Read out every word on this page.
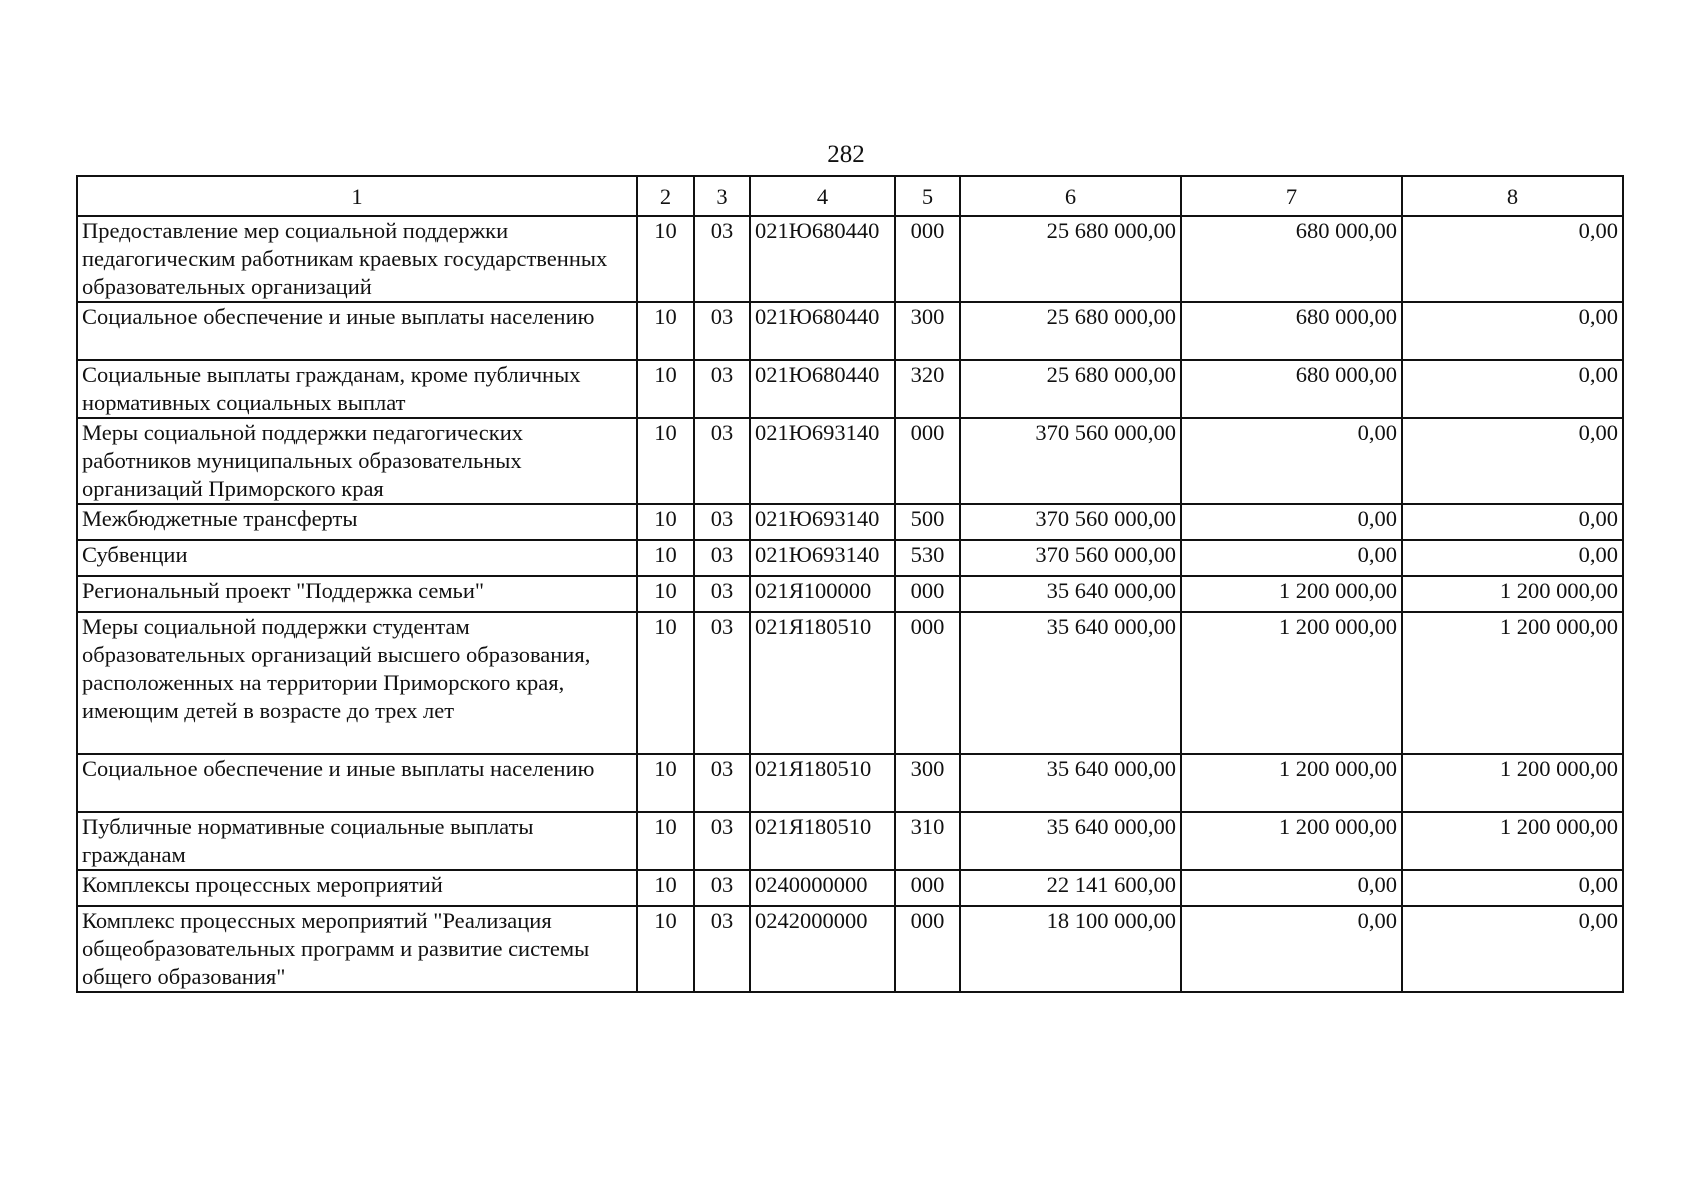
282
1	2	3	4	5	6	7	8
Предоставление мер социальной поддержки педагогическим работникам краевых государственных образовательных организаций	10	03	021Ю680440	000	25 680 000,00	680 000,00	0,00
Социальное обеспечение и иные выплаты населению	10	03	021Ю680440	300	25 680 000,00	680 000,00	0,00
Социальные выплаты гражданам, кроме публичных нормативных социальных выплат	10	03	021Ю680440	320	25 680 000,00	680 000,00	0,00
Меры социальной поддержки педагогических работников муниципальных образовательных организаций Приморского края	10	03	021Ю693140	000	370 560 000,00	0,00	0,00
Межбюджетные трансферты	10	03	021Ю693140	500	370 560 000,00	0,00	0,00
Субвенции	10	03	021Ю693140	530	370 560 000,00	0,00	0,00
Региональный проект "Поддержка семьи"	10	03	021Я100000	000	35 640 000,00	1 200 000,00	1 200 000,00
Меры социальной поддержки студентам образовательных организаций высшего образования, расположенных на территории Приморского края, имеющим детей в возрасте до трех лет	10	03	021Я180510	000	35 640 000,00	1 200 000,00	1 200 000,00
Социальное обеспечение и иные выплаты населению	10	03	021Я180510	300	35 640 000,00	1 200 000,00	1 200 000,00
Публичные нормативные социальные выплаты гражданам	10	03	021Я180510	310	35 640 000,00	1 200 000,00	1 200 000,00
Комплексы процессных мероприятий	10	03	0240000000	000	22 141 600,00	0,00	0,00
Комплекс процессных мероприятий "Реализация общеобразовательных программ и развитие системы общего образования"	10	03	0242000000	000	18 100 000,00	0,00	0,00
